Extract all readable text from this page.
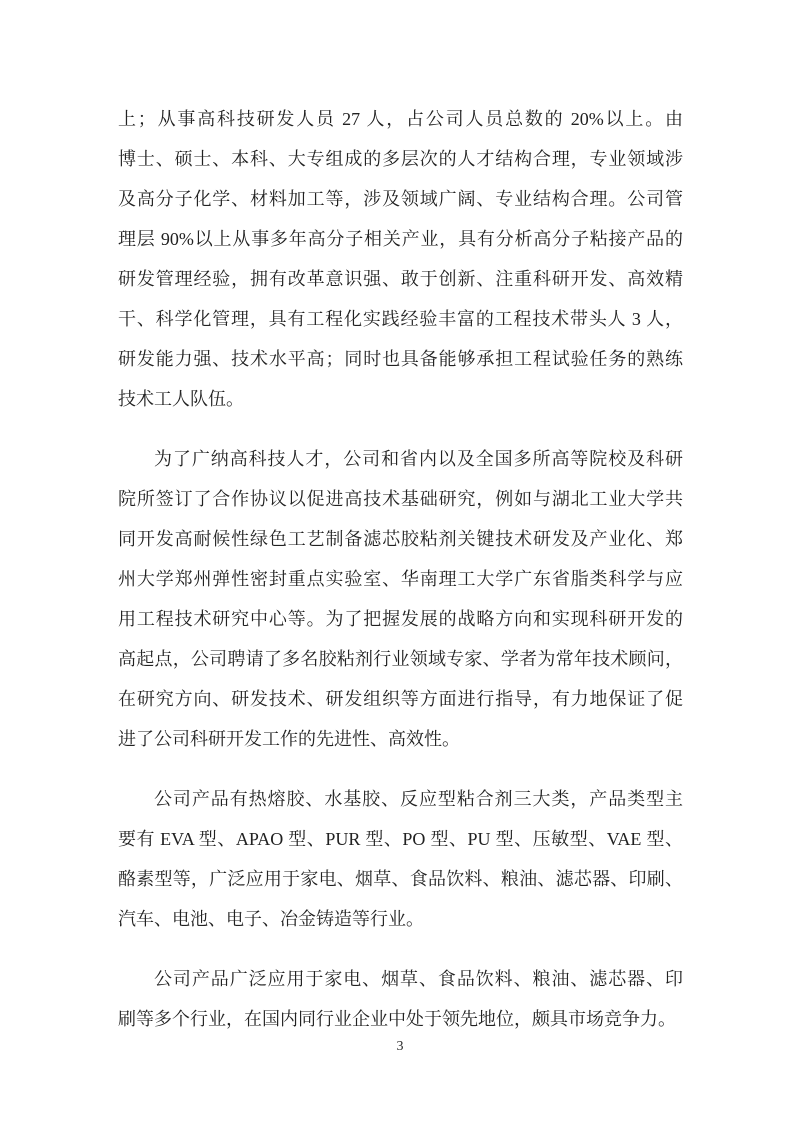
上；从事高科技研发人员 27 人，占公司人员总数的 20%以上。由
博士、硕士、本科、大专组成的多层次的人才结构合理，专业领域涉
及高分子化学、材料加工等，涉及领域广阔、专业结构合理。公司管
理层 90%以上从事多年高分子相关产业，具有分析高分子粘接产品的
研发管理经验，拥有改革意识强、敢于创新、注重科研开发、高效精
干、科学化管理，具有工程化实践经验丰富的工程技术带头人 3 人，
研发能力强、技术水平高；同时也具备能够承担工程试验任务的熟练
技术工人队伍。
为了广纳高科技人才，公司和省内以及全国多所高等院校及科研
院所签订了合作协议以促进高技术基础研究，例如与湖北工业大学共
同开发高耐候性绿色工艺制备滤芯胶粘剂关键技术研发及产业化、郑
州大学郑州弹性密封重点实验室、华南理工大学广东省脂类科学与应
用工程技术研究中心等。为了把握发展的战略方向和实现科研开发的
高起点，公司聘请了多名胶粘剂行业领域专家、学者为常年技术顾问，
在研究方向、研发技术、研发组织等方面进行指导，有力地保证了促
进了公司科研开发工作的先进性、高效性。
公司产品有热熔胶、水基胶、反应型粘合剂三大类，产品类型主
要有 EVA 型、APAO 型、PUR 型、PO 型、PU 型、压敏型、VAE 型、
酪素型等，广泛应用于家电、烟草、食品饮料、粮油、滤芯器、印刷、
汽车、电池、电子、冶金铸造等行业。
公司产品广泛应用于家电、烟草、食品饮料、粮油、滤芯器、印
刷等多个行业，在国内同行业企业中处于领先地位，颇具市场竞争力。
3
